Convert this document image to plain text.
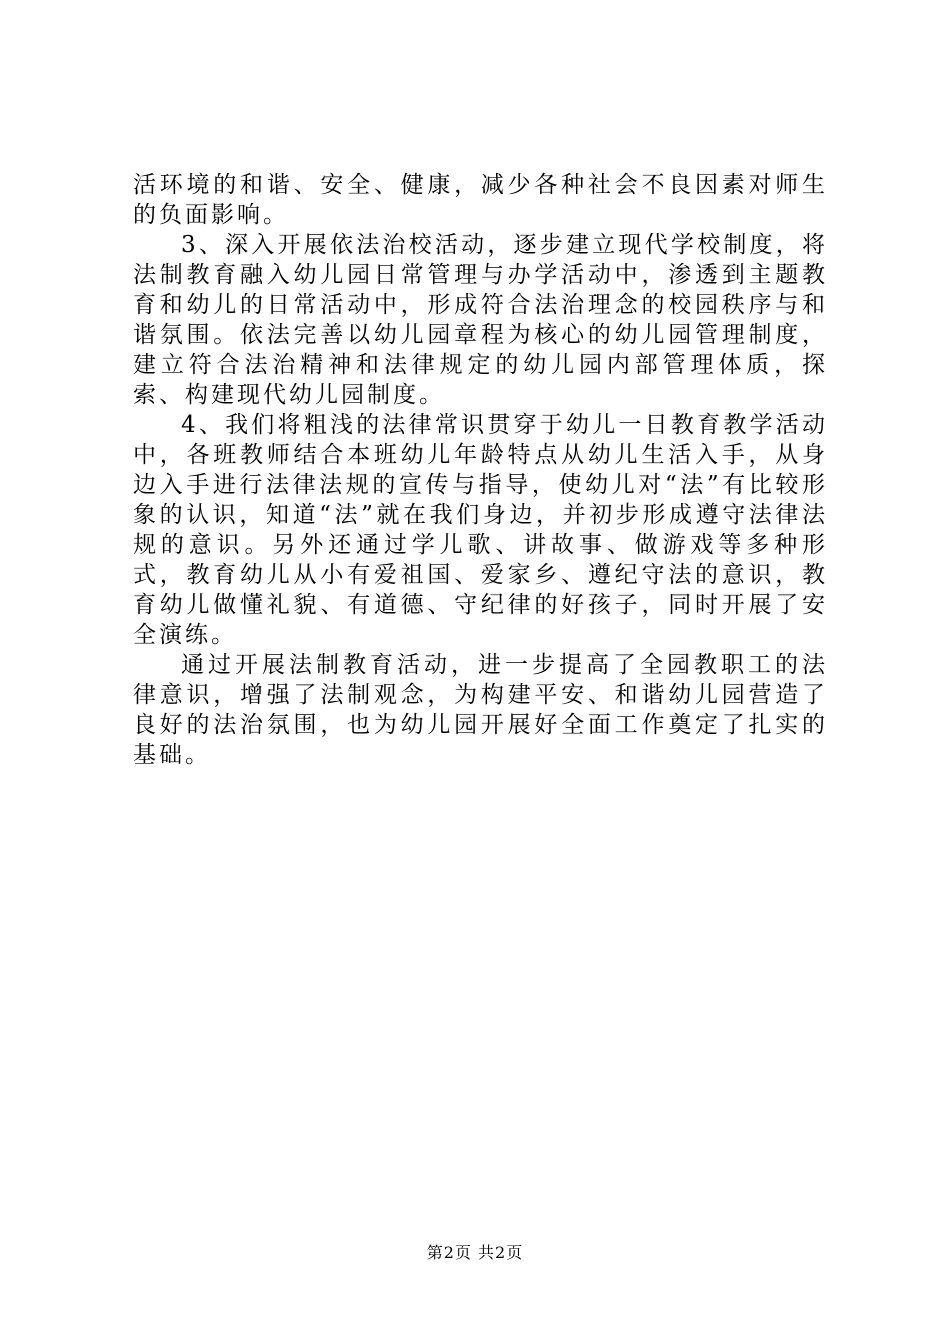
活环境的和谐、安全、健康，减少各种社会不良因素对师生的负面影响。

3、深入开展依法治校活动，逐步建立现代学校制度，将法制教育融入幼儿园日常管理与办学活动中，渗透到主题教育和幼儿的日常活动中，形成符合法治理念的校园秩序与和谐氛围。依法完善以幼儿园章程为核心的幼儿园管理制度，建立符合法治精神和法律规定的幼儿园内部管理体质，探索、构建现代幼儿园制度。

4、我们将粗浅的法律常识贯穿于幼儿一日教育教学活动中，各班教师结合本班幼儿年龄特点从幼儿生活入手，从身边入手进行法律法规的宣传与指导，使幼儿对“法”有比较形象的认识，知道“法”就在我们身边，并初步形成遵守法律法规的意识。另外还通过学儿歌、讲故事、做游戏等多种形式，教育幼儿从小有爱祖国、爱家乡、遵纪守法的意识，教育幼儿做懂礼貌、有道德、守纪律的好孩子，同时开展了安全演练。

通过开展法制教育活动，进一步提高了全园教职工的法律意识，增强了法制观念，为构建平安、和谐幼儿园营造了良好的法治氛围，也为幼儿园开展好全面工作奠定了扎实的基础。

第2页 共2页
